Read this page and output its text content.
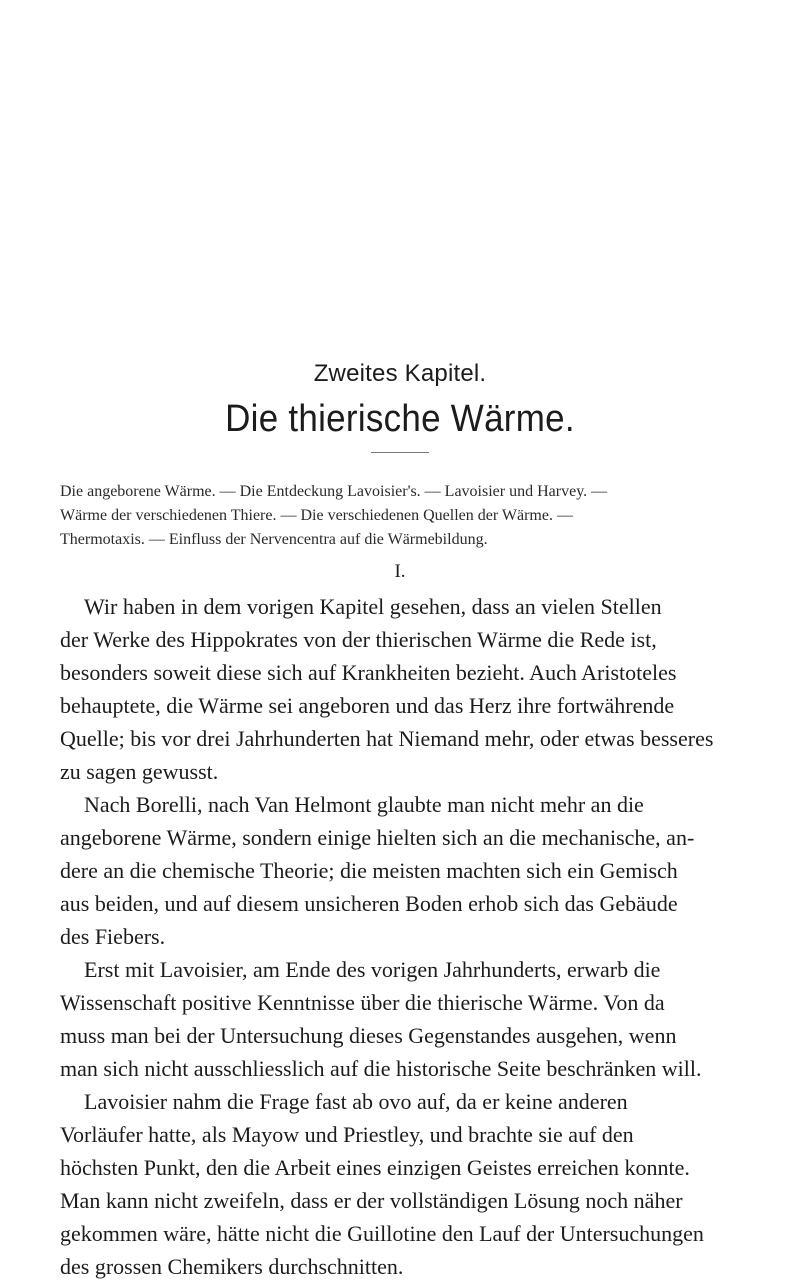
Zweites Kapitel.
Die thierische Wärme.
Die angeborene Wärme. — Die Entdeckung Lavoisier's. — Lavoisier und Harvey. —
Wärme der verschiedenen Thiere. — Die verschiedenen Quellen der Wärme. —
Thermotaxis. — Einfluss der Nervencentra auf die Wärmebildung.
I.
Wir haben in dem vorigen Kapitel gesehen, dass an vielen Stellen
der Werke des Hippokrates von der thierischen Wärme die Rede ist,
besonders soweit diese sich auf Krankheiten bezieht. Auch Aristoteles
behauptete, die Wärme sei angeboren und das Herz ihre fortwährende
Quelle; bis vor drei Jahrhunderten hat Niemand mehr, oder etwas besseres
zu sagen gewusst.
Nach Borelli, nach Van Helmont glaubte man nicht mehr an die
angeborene Wärme, sondern einige hielten sich an die mechanische, an-
dere an die chemische Theorie; die meisten machten sich ein Gemisch
aus beiden, und auf diesem unsicheren Boden erhob sich das Gebäude
des Fiebers.
Erst mit Lavoisier, am Ende des vorigen Jahrhunderts, erwarb die
Wissenschaft positive Kenntnisse über die thierische Wärme. Von da
muss man bei der Untersuchung dieses Gegenstandes ausgehen, wenn
man sich nicht ausschliesslich auf die historische Seite beschränken will.
Lavoisier nahm die Frage fast ab ovo auf, da er keine anderen
Vorläufer hatte, als Mayow und Priestley, und brachte sie auf den
höchsten Punkt, den die Arbeit eines einzigen Geistes erreichen konnte.
Man kann nicht zweifeln, dass er der vollständigen Lösung noch näher
gekommen wäre, hätte nicht die Guillotine den Lauf der Untersuchungen
des grossen Chemikers durchschnitten.
